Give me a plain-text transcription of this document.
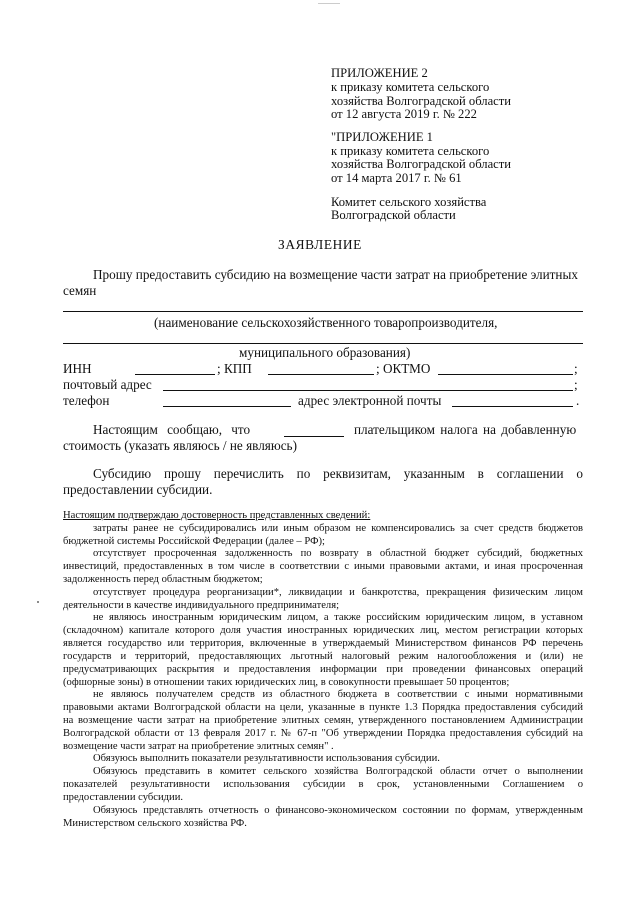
ПРИЛОЖЕНИЕ 2
к приказу комитета сельского
хозяйства Волгоградской области
от 12 августа 2019 г. № 222
"ПРИЛОЖЕНИЕ 1
к приказу комитета сельского
хозяйства Волгоградской области
от 14 марта 2017 г. № 61
Комитет сельского хозяйства
Волгоградской области
ЗАЯВЛЕНИЕ
Прошу предоставить субсидию на возмещение части затрат на приобретение элитных
семян
(наименование сельскохозяйственного товаропроизводителя,
муниципального образования)
ИНН	; КПП	; ОКТМО	;
почтовый адрес	;
телефон	адрес электронной почты	.
Настоящим сообщаю, что	плательщиком налога на добавленную
стоимость (указать являюсь / не являюсь)
Субсидию прошу перечислить по реквизитам, указанным в соглашении о
предоставлении субсидии.
Настоящим подтверждаю достоверность представленных сведений:
затраты ранее не субсидировались или иным образом не компенсировались за счет средств бюджетов
бюджетной системы Российской Федерации (далее – РФ);
отсутствует просроченная задолженность по возврату в областной бюджет субсидий, бюджетных
инвестиций, предоставленных в том числе в соответствии с иными правовыми актами, и иная просроченная
задолженность перед областным бюджетом;
отсутствует процедура реорганизации*, ликвидации и банкротства, прекращения физическим лицом
деятельности в качестве индивидуального предпринимателя;
не являюсь иностранным юридическим лицом, а также российским юридическим лицом, в уставном
(складочном) капитале которого доля участия иностранных юридических лиц, местом регистрации которых
является государство или территория, включенные в утверждаемый Министерством финансов РФ перечень
государств и территорий, предоставляющих льготный налоговый режим налогообложения и (или) не
предусматривающих раскрытия и предоставления информации при проведении финансовых операций
(офшорные зоны) в отношении таких юридических лиц, в совокупности превышает 50 процентов;
не являюсь получателем средств из областного бюджета в соответствии с иными нормативными
правовыми актами Волгоградской области на цели, указанные в пункте 1.3 Порядка предоставления субсидий
на возмещение части затрат на приобретение элитных семян, утвержденного постановлением Администрации
Волгоградской области от 13 февраля 2017 г. № 67-п "Об утверждении Порядка предоставления субсидий на
возмещение части затрат на приобретение элитных семян" .
Обязуюсь выполнить показатели результативности использования субсидии.
Обязуюсь представить в комитет сельского хозяйства Волгоградской области отчет о выполнении
показателей результативности использования субсидии в срок, установленными Соглашением о
предоставлении субсидии.
Обязуюсь представлять отчетность о финансово-экономическом состоянии по формам, утвержденным
Министерством сельского хозяйства РФ.
